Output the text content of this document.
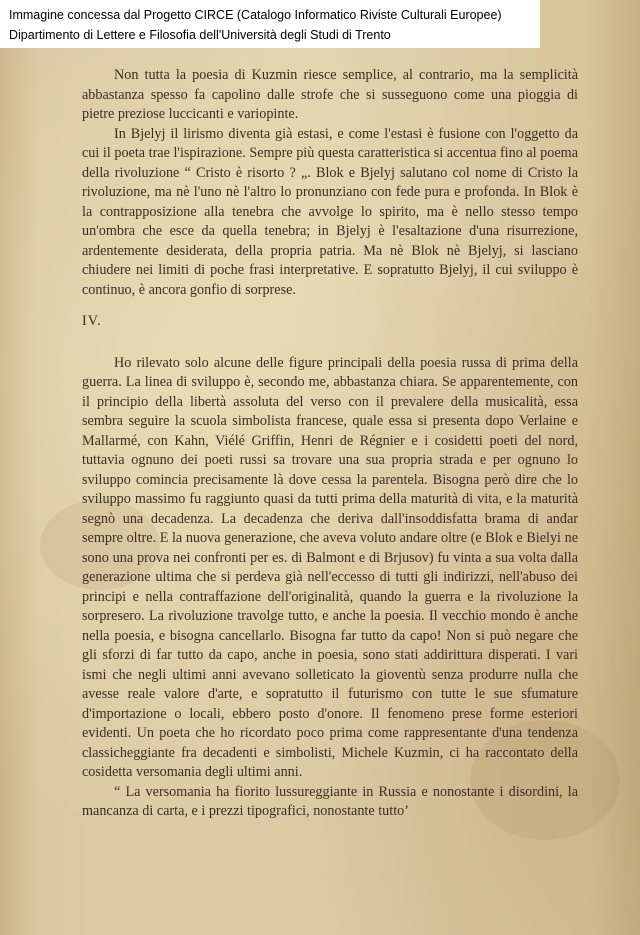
Immagine concessa dal Progetto CIRCE (Catalogo Informatico Riviste Culturali Europee)
Dipartimento di Lettere e Filosofia dell'Università degli Studi di Trento

Non tutta la poesia di Kuzmin riesce semplice, al contrario, ma la semplicità abbastanza spesso fa capolino dalle strofe che si susseguono come una pioggia di pietre preziose luccicanti e variopinte.

In Bjelyj il lirismo diventa già estasi, e come l'estasi è fusione con l'oggetto da cui il poeta trae l'ispirazione. Sempre più questa caratteristica si accentua fino al poema della rivoluzione “ Cristo è risorto ? „. Blok e Bjelyj salutano col nome di Cristo la rivoluzione, ma nè l'uno nè l'altro lo pronunziano con fede pura e profonda. In Blok è la contrapposizione alla tenebra che avvolge lo spirito, ma è nello stesso tempo un'ombra che esce da quella tenebra; in Bjelyj è l'esaltazione d'una risurrezione, ardentemente desiderata, della propria patria. Ma nè Blok nè Bjelyj, si lasciano chiudere nei limiti di poche frasi interpretative. E sopratutto Bjelyj, il cui sviluppo è continuo, è ancora gonfio di sorprese.

IV.

Ho rilevato solo alcune delle figure principali della poesia russa di prima della guerra. La linea di sviluppo è, secondo me, abbastanza chiara. Se apparentemente, con il principio della libertà assoluta del verso con il prevalere della musicalità, essa sembra seguire la scuola simbolista francese, quale essa si presenta dopo Verlaine e Mallarmé, con Kahn, Viélé Griffin, Henri de Régnier e i cosidetti poeti del nord, tuttavia ognuno dei poeti russi sa trovare una sua propria strada e per ognuno lo sviluppo comincia precisamente là dove cessa la parentela. Bisogna però dire che lo sviluppo massimo fu raggiunto quasi da tutti prima della maturità di vita, e la maturità segnò una decadenza. La decadenza che deriva dall'insoddisfatta brama di andar sempre oltre. E la nuova generazione, che aveva voluto andare oltre (e Blok e Bielyi ne sono una prova nei confronti per es. di Balmont e di Brjusov) fu vinta a sua volta dalla generazione ultima che si perdeva già nell'eccesso di tutti gli indirizzi, nell'abuso dei principi e nella contraffazione dell'originalità, quando la guerra e la rivoluzione la sorpresero. La rivoluzione travolge tutto, e anche la poesia. Il vecchio mondo è anche nella poesia, e bisogna cancellarlo. Bisogna far tutto da capo! Non si può negare che gli sforzi di far tutto da capo, anche in poesia, sono stati addirittura disperati. I vari ismi che negli ultimi anni avevano solleticato la gioventù senza produrre nulla che avesse reale valore d'arte, e sopratutto il futurismo con tutte le sue sfumature d'importazione o locali, ebbero posto d'onore. Il fenomeno prese forme esteriori evidenti. Un poeta che ho ricordato poco prima come rappresentante d'una tendenza classicheggiante fra decadenti e simbolisti, Michele Kuzmin, ci ha raccontato della cosidetta versomania degli ultimi anni.

“ La versomania ha fiorito lussureggiante in Russia e nonostante i disordini, la mancanza di carta, e i prezzi tipografici, nonostante tutto’
